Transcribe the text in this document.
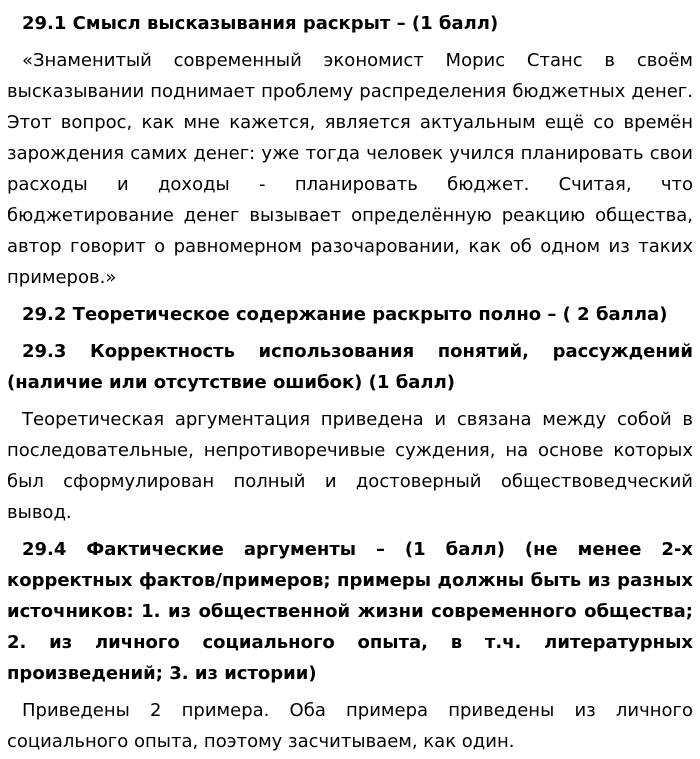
29.1 Смысл высказывания раскрыт – (1 балл)

«Знаменитый современный экономист Морис Станс в своём высказывании поднимает проблему распределения бюджетных денег. Этот вопрос, как мне кажется, является актуальным ещё со времён зарождения самих денег: уже тогда человек учился планировать свои расходы и доходы - планировать бюджет. Считая, что бюджетирование денег вызывает определённую реакцию общества, автор говорит о равномерном разочаровании, как об одном из таких примеров.»

29.2 Теоретическое содержание раскрыто полно – ( 2 балла)

29.3 Корректность использования понятий, рассуждений (наличие или отсутствие ошибок) (1 балл)

Теоретическая аргументация приведена и связана между собой в последовательные, непротиворечивые суждения, на основе которых был сформулирован полный и достоверный обществоведческий вывод.

29.4 Фактические аргументы – (1 балл) (не менее 2-х корректных фактов/примеров; примеры должны быть из разных источников: 1. из общественной жизни современного общества; 2. из личного социального опыта, в т.ч. литературных произведений; 3. из истории)

Приведены 2 примера. Оба примера приведены из личного социального опыта, поэтому засчитываем, как один.
